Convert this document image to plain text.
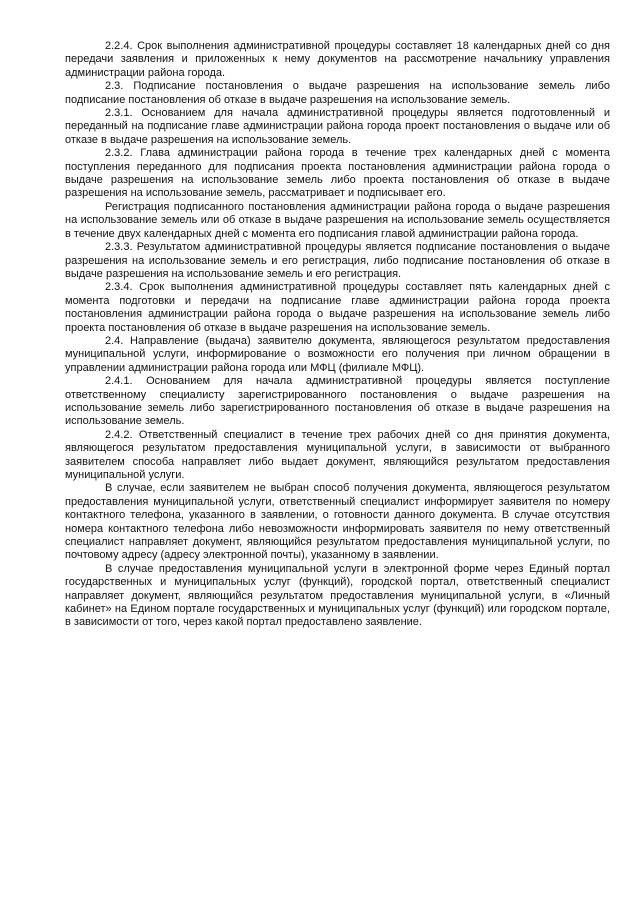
2.2.4. Срок выполнения административной процедуры составляет 18 календарных дней со дня передачи заявления и приложенных к нему документов на рассмотрение начальнику управления администрации района города.

2.3. Подписание постановления о выдаче разрешения на использование земель либо подписание постановления об отказе в выдаче разрешения на использование земель.

2.3.1. Основанием для начала административной процедуры является подготовленный и переданный на подписание главе администрации района города проект постановления о выдаче или об отказе в выдаче разрешения на использование земель.

2.3.2. Глава администрации района города в течение трех календарных дней с момента поступления переданного для подписания проекта постановления администрации района города о выдаче разрешения на использование земель либо проекта постановления об отказе в выдаче разрешения на использование земель, рассматривает и подписывает его.

Регистрация подписанного постановления администрации района города о выдаче разрешения на использование земель или об отказе в выдаче разрешения на использование земель осуществляется в течение двух календарных дней с момента его подписания главой администрации района города.

2.3.3. Результатом административной процедуры является подписание постановления о выдаче разрешения на использование земель и его регистрация, либо подписание постановления об отказе в выдаче разрешения на использование земель и его регистрация.

2.3.4. Срок выполнения административной процедуры составляет пять календарных дней с момента подготовки и передачи на подписание главе администрации района города проекта постановления администрации района города о выдаче разрешения на использование земель либо проекта постановления об отказе в выдаче разрешения на использование земель.

2.4. Направление (выдача) заявителю документа, являющегося результатом предоставления муниципальной услуги, информирование о возможности его получения при личном обращении в управлении администрации района города или МФЦ (филиале МФЦ).

2.4.1. Основанием для начала административной процедуры является поступление ответственному специалисту зарегистрированного постановления о выдаче разрешения на использование земель либо зарегистрированного постановления об отказе в выдаче разрешения на использование земель.

2.4.2. Ответственный специалист в течение трех рабочих дней со дня принятия документа, являющегося результатом предоставления муниципальной услуги, в зависимости от выбранного заявителем способа направляет либо выдает документ, являющийся результатом предоставления муниципальной услуги.

В случае, если заявителем не выбран способ получения документа, являющегося результатом предоставления муниципальной услуги, ответственный специалист информирует заявителя по номеру контактного телефона, указанного в заявлении, о готовности данного документа. В случае отсутствия номера контактного телефона либо невозможности информировать заявителя по нему ответственный специалист направляет документ, являющийся результатом предоставления муниципальной услуги, по почтовому адресу (адресу электронной почты), указанному в заявлении.

В случае предоставления муниципальной услуги в электронной форме через Единый портал государственных и муниципальных услуг (функций), городской портал, ответственный специалист направляет документ, являющийся результатом предоставления муниципальной услуги, в «Личный кабинет» на Едином портале государственных и муниципальных услуг (функций) или городском портале, в зависимости от того, через какой портал предоставлено заявление.
